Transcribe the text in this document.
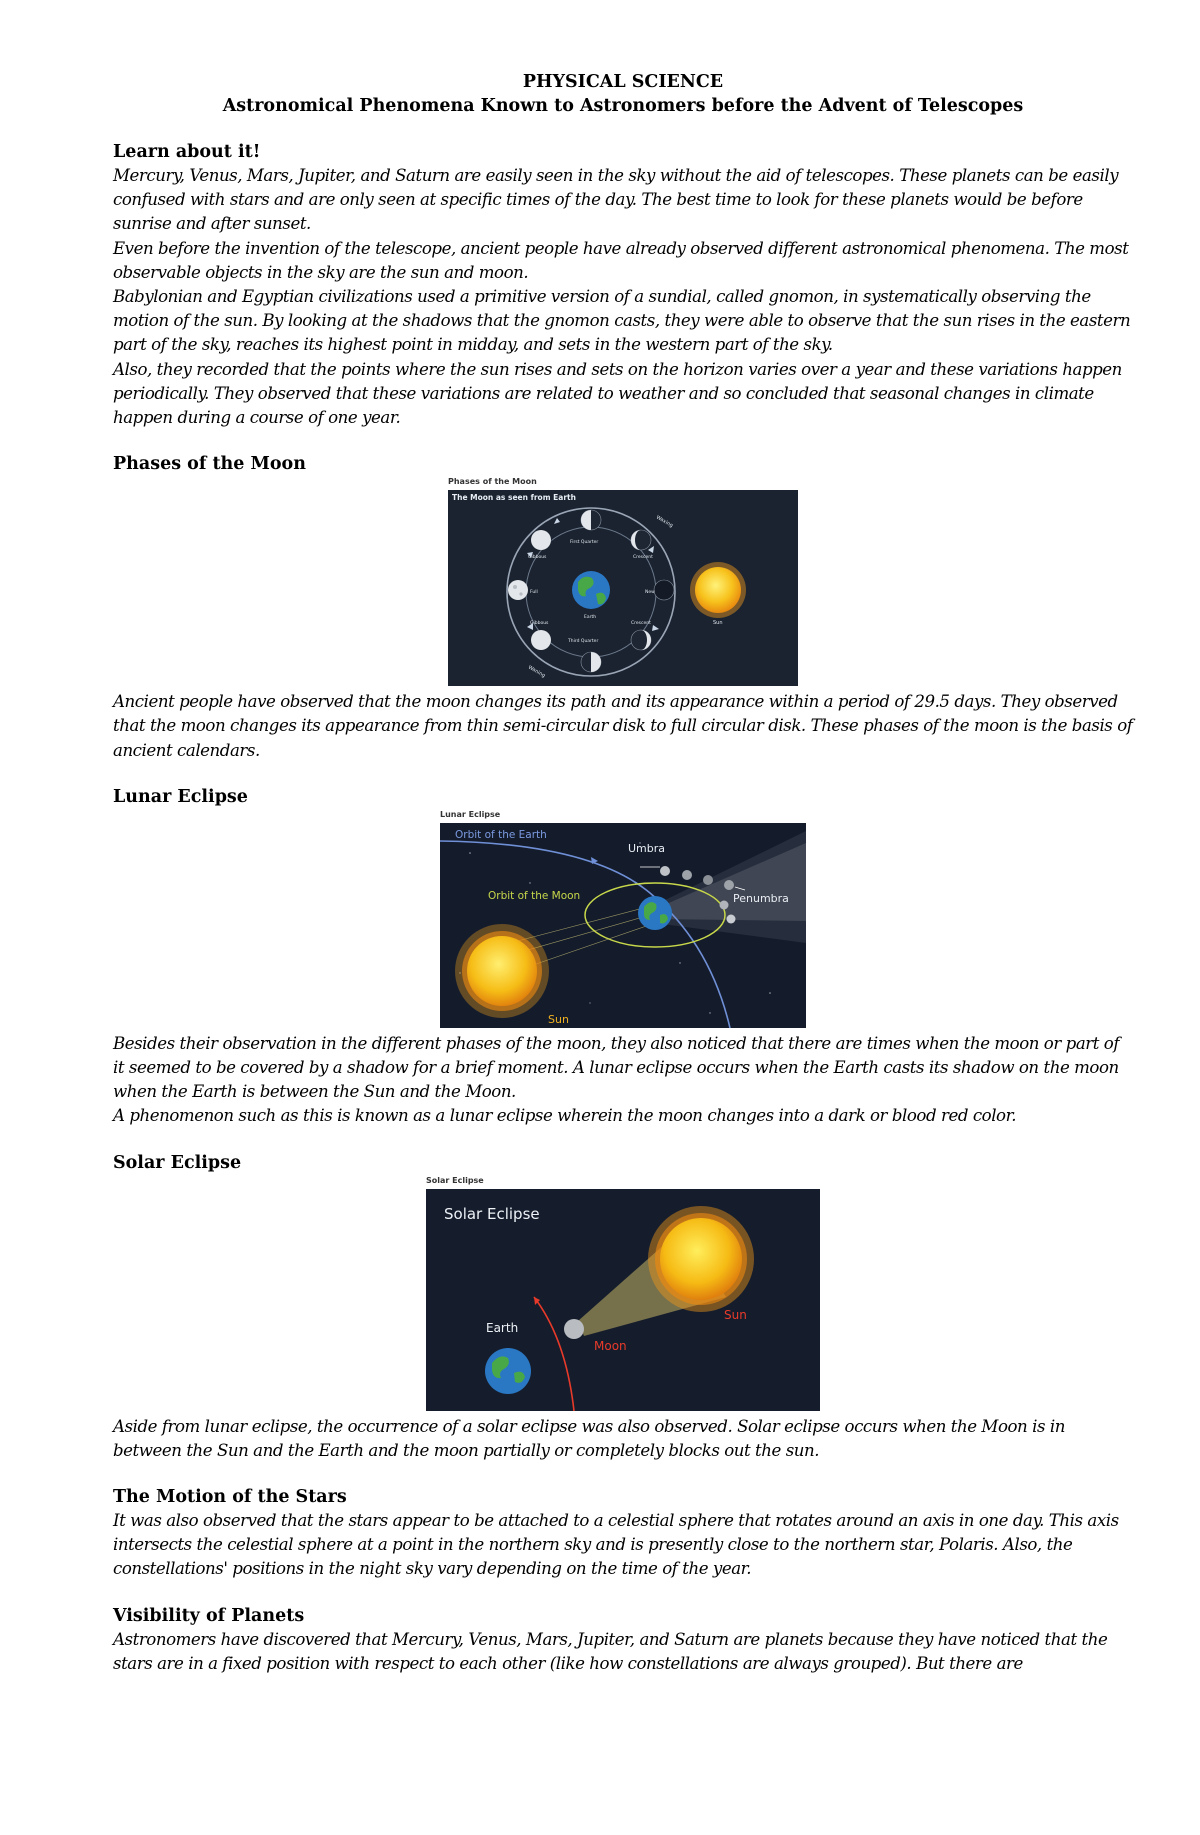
PHYSICAL SCIENCE

Astronomical Phenomena Known to Astronomers before the Advent of Telescopes

Learn about it!

Mercury, Venus, Mars, Jupiter, and Saturn are easily seen in the sky without the aid of telescopes. These planets can be easily confused with stars and are only seen at specific times of the day. The best time to look for these planets would be before sunrise and after sunset.

Even before the invention of the telescope, ancient people have already observed different astronomical phenomena. The most observable objects in the sky are the sun and moon.

Babylonian and Egyptian civilizations used a primitive version of a sundial, called gnomon, in systematically observing the motion of the sun. By looking at the shadows that the gnomon casts, they were able to observe that the sun rises in the eastern part of the sky, reaches its highest point in midday, and sets in the western part of the sky.

Also, they recorded that the points where the sun rises and sets on the horizon varies over a year and these variations happen periodically. They observed that these variations are related to weather and so concluded that seasonal changes in climate happen during a course of one year.

Phases of the Moon
Phases of the Moon
The Moon as seen from Earth
First Quarter
Gibbous	Crescent
Full	New
Earth
Gibbous	Crescent
Third Quarter
Waxing
Waning
Sun

Ancient people have observed that the moon changes its path and its appearance within a period of 29.5 days. They observed that the moon changes its appearance from thin semi-circular disk to full circular disk. These phases of the moon is the basis of ancient calendars.

Lunar Eclipse
Lunar Eclipse
Orbit of the Earth
Umbra
Orbit of the Moon	Penumbra
Sun

Besides their observation in the different phases of the moon, they also noticed that there are times when the moon or part of it seemed to be covered by a shadow for a brief moment. A lunar eclipse occurs when the Earth casts its shadow on the moon when the Earth is between the Sun and the Moon.

A phenomenon such as this is known as a lunar eclipse wherein the moon changes into a dark or blood red color.

Solar Eclipse
Solar Eclipse
Solar Eclipse
Earth
Moon
Sun

Aside from lunar eclipse, the occurrence of a solar eclipse was also observed. Solar eclipse occurs when the Moon is in between the Sun and the Earth and the moon partially or completely blocks out the sun.

The Motion of the Stars

It was also observed that the stars appear to be attached to a celestial sphere that rotates around an axis in one day. This axis intersects the celestial sphere at a point in the northern sky and is presently close to the northern star, Polaris. Also, the constellations' positions in the night sky vary depending on the time of the year.

Visibility of Planets

Astronomers have discovered that Mercury, Venus, Mars, Jupiter, and Saturn are planets because they have noticed that the stars are in a fixed position with respect to each other (like how constellations are always grouped). But there are
